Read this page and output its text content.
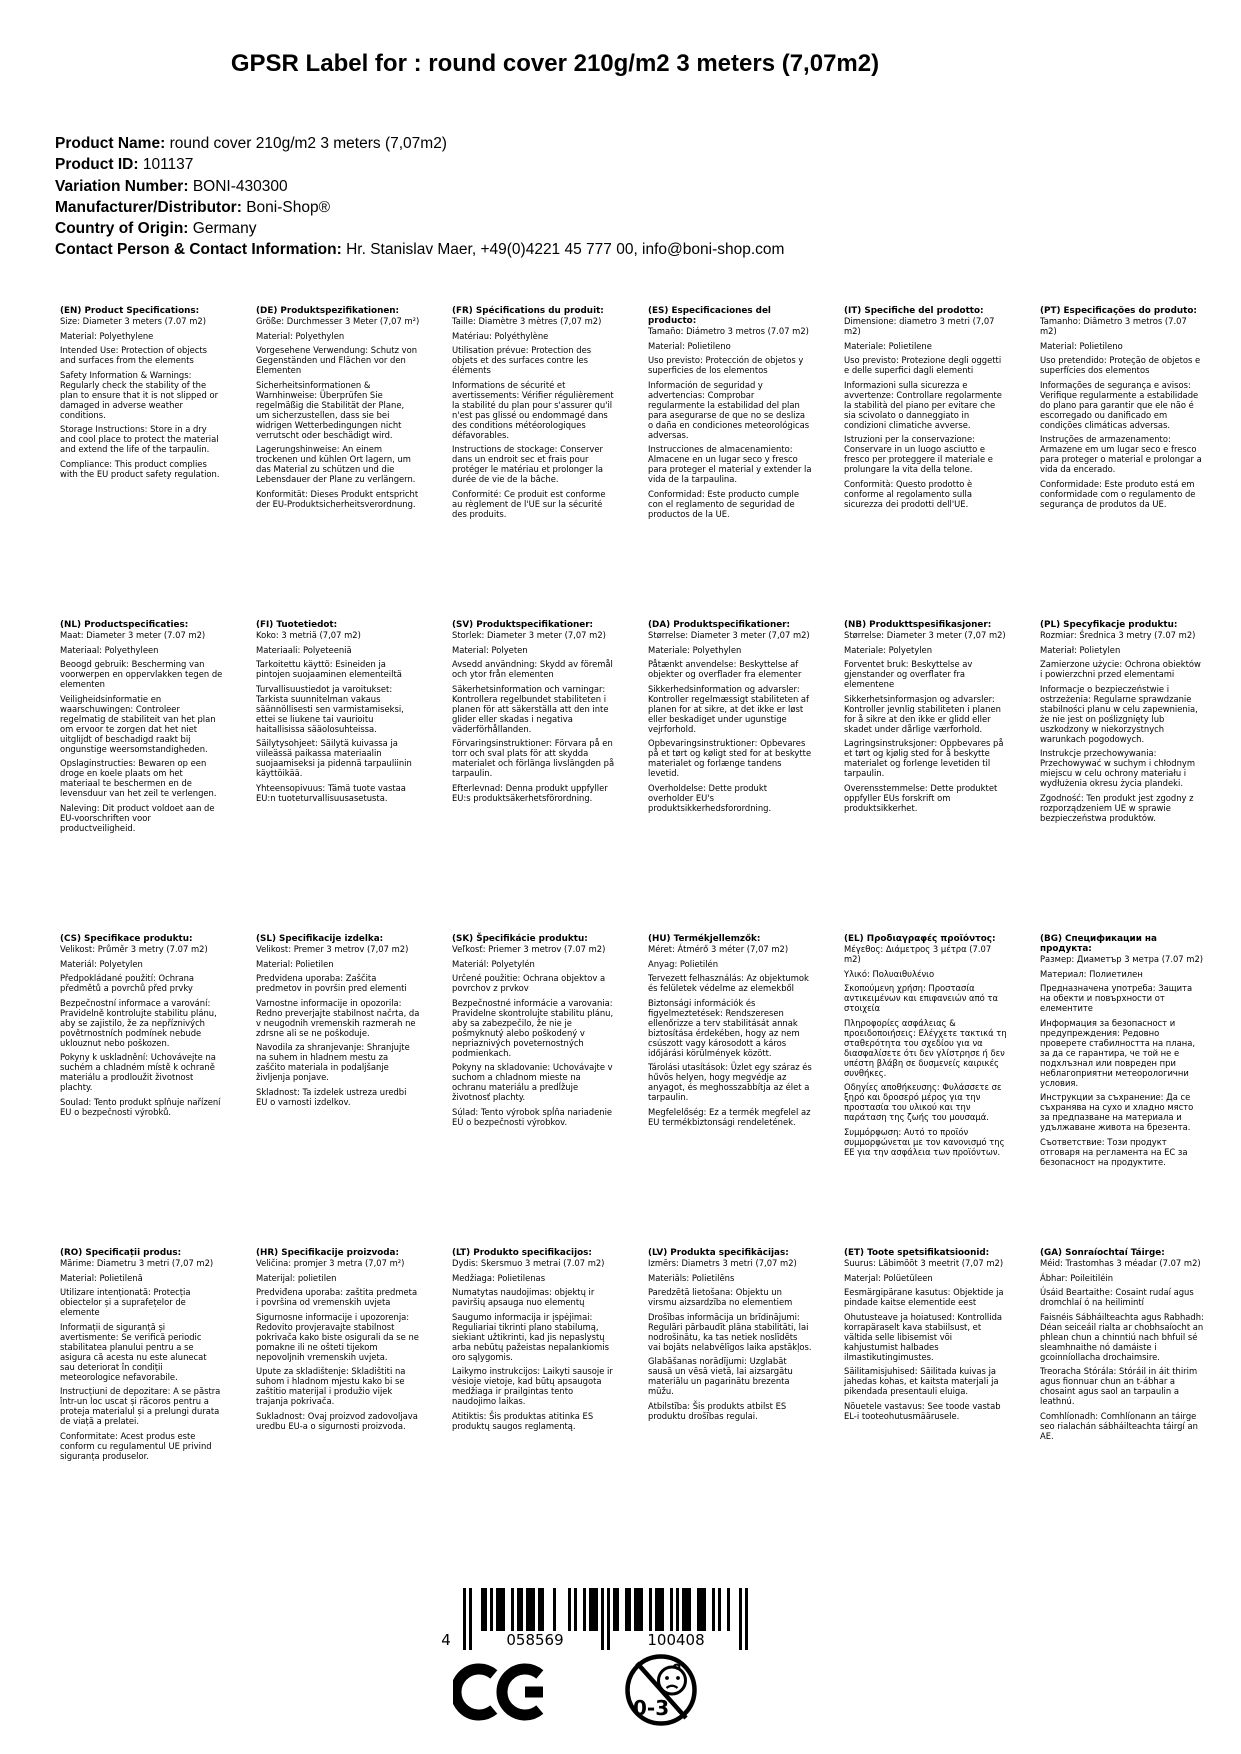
GPSR Label for : round cover 210g/m2 3 meters (7,07m2)
Product Name: round cover 210g/m2 3 meters (7,07m2)
Product ID: 101137
Variation Number: BONI-430300
Manufacturer/Distributor: Boni-Shop®
Country of Origin: Germany
Contact Person & Contact Information: Hr. Stanislav Maer, +49(0)4221 45 777 00, info@boni-shop.com
(EN) Product Specifications:
Size: Diameter 3 meters (7.07 m2)
Material: Polyethylene
Intended Use: Protection of objects and surfaces from the elements
Safety Information & Warnings: Regularly check the stability of the plan to ensure that it is not slipped or damaged in adverse weather conditions.
Storage Instructions: Store in a dry and cool place to protect the material and extend the life of the tarpaulin.
Compliance: This product complies with the EU product safety regulation.
(DE) Produktspezifikationen:
Größe: Durchmesser 3 Meter (7,07 m²)
Material: Polyethylen
Vorgesehene Verwendung: Schutz von Gegenständen und Flächen vor den Elementen
Sicherheitsinformationen & Warnhinweise: Überprüfen Sie regelmäßig die Stabilität der Plane, um sicherzustellen, dass sie bei widrigen Wetterbedingungen nicht verrutscht oder beschädigt wird.
Lagerungshinweise: An einem trockenen und kühlen Ort lagern, um das Material zu schützen und die Lebensdauer der Plane zu verlängern.
Konformität: Dieses Produkt entspricht der EU-Produktsicherheitsverordnung.
(FR) Spécifications du produit:
Taille: Diamètre 3 mètres (7,07 m2)
Matériau: Polyéthylène
Utilisation prévue: Protection des objets et des surfaces contre les éléments
Informations de sécurité et avertissements: Vérifier régulièrement la stabilité du plan pour s'assurer qu'il n'est pas glissé ou endommagé dans des conditions météorologiques défavorables.
Instructions de stockage: Conserver dans un endroit sec et frais pour protéger le matériau et prolonger la durée de vie de la bâche.
Conformité: Ce produit est conforme au règlement de l'UE sur la sécurité des produits.
(ES) Especificaciones del producto:
Tamaño: Diámetro 3 metros (7.07 m2)
Material: Polietileno
Uso previsto: Protección de objetos y superficies de los elementos
Información de seguridad y advertencias: Comprobar regularmente la estabilidad del plan para asegurarse de que no se desliza o daña en condiciones meteorológicas adversas.
Instrucciones de almacenamiento: Almacene en un lugar seco y fresco para proteger el material y extender la vida de la tarpaulina.
Conformidad: Este producto cumple con el reglamento de seguridad de productos de la UE.
(IT) Specifiche del prodotto:
Dimensione: diametro 3 metri (7,07 m2)
Materiale: Polietilene
Uso previsto: Protezione degli oggetti e delle superfici dagli elementi
Informazioni sulla sicurezza e avvertenze: Controllare regolarmente la stabilità del piano per evitare che sia scivolato o danneggiato in condizioni climatiche avverse.
Istruzioni per la conservazione: Conservare in un luogo asciutto e fresco per proteggere il materiale e prolungare la vita della telone.
Conformità: Questo prodotto è conforme al regolamento sulla sicurezza dei prodotti dell'UE.
(PT) Especificações do produto:
Tamanho: Diâmetro 3 metros (7.07 m2)
Material: Polietileno
Uso pretendido: Proteção de objetos e superfícies dos elementos
Informações de segurança e avisos: Verifique regularmente a estabilidade do plano para garantir que ele não é escorregado ou danificado em condições climáticas adversas.
Instruções de armazenamento: Armazene em um lugar seco e fresco para proteger o material e prolongar a vida da encerado.
Conformidade: Este produto está em conformidade com o regulamento de segurança de produtos da UE.
(NL) Productspecificaties:
Maat: Diameter 3 meter (7.07 m2)
Materiaal: Polyethyleen
Beoogd gebruik: Bescherming van voorwerpen en oppervlakken tegen de elementen
Veiligheidsinformatie en waarschuwingen: Controleer regelmatig de stabiliteit van het plan om ervoor te zorgen dat het niet uitglijdt of beschadigd raakt bij ongunstige weersomstandigheden.
Opslaginstructies: Bewaren op een droge en koele plaats om het materiaal te beschermen en de levensduur van het zeil te verlengen.
Naleving: Dit product voldoet aan de EU-voorschriften voor productveiligheid.
(FI) Tuotetiedot:
Koko: 3 metriä (7,07 m2)
Materiaali: Polyeteeniä
Tarkoitettu käyttö: Esineiden ja pintojen suojaaminen elementeiltä
Turvallisuustiedot ja varoitukset: Tarkista suunnitelman vakaus säännöllisesti sen varmistamiseksi, ettei se liukene tai vaurioitu haitallisissa sääolosuhteissa.
Säilytysohjeet: Säilytä kuivassa ja viileässä paikassa materiaalin suojaamiseksi ja pidennä tarpauliinin käyttöikää.
Yhteensopivuus: Tämä tuote vastaa EU:n tuoteturvallisuusasetusta.
(SV) Produktspecifikationer:
Storlek: Diameter 3 meter (7,07 m2)
Material: Polyeten
Avsedd användning: Skydd av föremål och ytor från elementen
Säkerhetsinformation och varningar: Kontrollera regelbundet stabiliteten i planen för att säkerställa att den inte glider eller skadas i negativa väderförhållanden.
Förvaringsinstruktioner: Förvara på en torr och sval plats för att skydda materialet och förlänga livslängden på tarpaulin.
Efterlevnad: Denna produkt uppfyller EU:s produktsäkerhetsförordning.
(DA) Produktspecifikationer:
Størrelse: Diameter 3 meter (7,07 m2)
Materiale: Polyethylen
Påtænkt anvendelse: Beskyttelse af objekter og overflader fra elementer
Sikkerhedsinformation og advarsler: Kontroller regelmæssigt stabiliteten af planen for at sikre, at det ikke er løst eller beskadiget under ugunstige vejrforhold.
Opbevaringsinstruktioner: Opbevares på et tørt og køligt sted for at beskytte materialet og forlænge tandens levetid.
Overholdelse: Dette produkt overholder EU's produktsikkerhedsforordning.
(NB) Produkttspesifikasjoner:
Størrelse: Diameter 3 meter (7,07 m2)
Materiale: Polyetylen
Forventet bruk: Beskyttelse av gjenstander og overflater fra elementene
Sikkerhetsinformasjon og advarsler: Kontroller jevnlig stabiliteten i planen for å sikre at den ikke er glidd eller skadet under dårlige værforhold.
Lagringsinstruksjoner: Oppbevares på et tørt og kjølig sted for å beskytte materialet og forlenge levetiden til tarpaulin.
Overensstemmelse: Dette produktet oppfyller EUs forskrift om produktsikkerhet.
(PL) Specyfikacje produktu:
Rozmiar: Średnica 3 metry (7.07 m2)
Materiał: Polietylen
Zamierzone użycie: Ochrona obiektów i powierzchni przed elementami
Informacje o bezpieczeństwie i ostrzeżenia: Regularne sprawdzanie stabilności planu w celu zapewnienia, że nie jest on poślizgnięty lub uszkodzony w niekorzystnych warunkach pogodowych.
Instrukcje przechowywania: Przechowywać w suchym i chłodnym miejscu w celu ochrony materiału i wydłużenia okresu życia plandeki.
Zgodność: Ten produkt jest zgodny z rozporządzeniem UE w sprawie bezpieczeństwa produktów.
(CS) Specifikace produktu:
Velikost: Průměr 3 metry (7.07 m2)
Materiál: Polyetylen
Předpokládané použití: Ochrana předmětů a povrchů před prvky
Bezpečnostní informace a varování: Pravidelně kontrolujte stabilitu plánu, aby se zajistilo, že za nepříznivých povětrnostních podmínek nebude uklouznut nebo poškozen.
Pokyny k uskladnění: Uchovávejte na suchém a chladném místě k ochraně materiálu a prodloužit životnost plachty.
Soulad: Tento produkt splňuje nařízení EU o bezpečnosti výrobků.
(SL) Specifikacije izdelka:
Velikost: Premer 3 metrov (7,07 m2)
Material: Polietilen
Predvidena uporaba: Zaščita predmetov in površin pred elementi
Varnostne informacije in opozorila: Redno preverjajte stabilnost načrta, da v neugodnih vremenskih razmerah ne zdrsne ali se ne poškoduje.
Navodila za shranjevanje: Shranjujte na suhem in hladnem mestu za zaščito materiala in podaljšanje življenja ponjave.
Skladnost: Ta izdelek ustreza uredbi EU o varnosti izdelkov.
(SK) Špecifikácie produktu:
Veľkosť: Priemer 3 metrov (7.07 m2)
Materiál: Polyetylén
Určené použitie: Ochrana objektov a povrchov z prvkov
Bezpečnostné informácie a varovania: Pravidelne skontrolujte stabilitu plánu, aby sa zabezpečilo, že nie je pošmyknutý alebo poškodený v nepriaznivých poveternostných podmienkach.
Pokyny na skladovanie: Uchovávajte v suchom a chladnom mieste na ochranu materiálu a predĺžuje životnosť plachty.
Súlad: Tento výrobok spĺňa nariadenie EÚ o bezpečnosti výrobkov.
(HU) Termékjellemzők:
Méret: Átmérő 3 méter (7,07 m2)
Anyag: Polietilén
Tervezett felhasználás: Az objektumok és felületek védelme az elemekből
Biztonsági információk és figyelmeztetések: Rendszeresen ellenőrizze a terv stabilitását annak biztosítása érdekében, hogy az nem csúszott vagy károsodott a káros időjárási körülmények között.
Tárolási utasítások: Üzlet egy száraz és hűvös helyen, hogy megvédje az anyagot, és meghosszabbítja az élet a tarpaulin.
Megfelelőség: Ez a termék megfelel az EU termékbiztonsági rendeletének.
(EL) Προδιαγραφές προϊόντος:
Μέγεθος: Διάμετρος 3 μέτρα (7.07 m2)
Υλικό: Πολυαιθυλένιο
Σκοπούμενη χρήση: Προστασία αντικειμένων και επιφανειών από τα στοιχεία
Πληροφορίες ασφάλειας & προειδοποιήσεις: Ελέγχετε τακτικά τη σταθερότητα του σχεδίου για να διασφαλίσετε ότι δεν γλίστρησε ή δεν υπέστη βλάβη σε δυσμενείς καιρικές συνθήκες.
Οδηγίες αποθήκευσης: Φυλάσσετε σε ξηρό και δροσερό μέρος για την προστασία του υλικού και την παράταση της ζωής του μουσαμά.
Συμμόρφωση: Αυτό το προϊόν συμμορφώνεται με τον κανονισμό της ΕΕ για την ασφάλεια των προϊόντων.
(BG) Спецификации на продукта:
Размер: Диаметър 3 метра (7.07 m2)
Материал: Полиетилен
Предназначена употреба: Защита на обекти и повърхности от елементите
Информация за безопасност и предупреждения: Редовно проверете стабилността на плана, за да се гарантира, че той не е подхлъзнал или повреден при неблагоприятни метеорологични условия.
Инструкции за съхранение: Да се съхранява на сухо и хладно място за предпазване на материала и удължаване живота на брезента.
Съответствие: Този продукт отговаря на регламента на ЕС за безопасност на продуктите.
(RO) Specificații produs:
Mărime: Diametru 3 metri (7,07 m2)
Material: Polietilenă
Utilizare intenționată: Protecția obiectelor și a suprafețelor de elemente
Informații de siguranță și avertismente: Se verifică periodic stabilitatea planului pentru a se asigura că acesta nu este alunecat sau deteriorat în condiții meteorologice nefavorabile.
Instrucțiuni de depozitare: A se păstra într-un loc uscat și răcoros pentru a proteja materialul și a prelungi durata de viață a prelatei.
Conformitate: Acest produs este conform cu regulamentul UE privind siguranța produselor.
(HR) Specifikacije proizvoda:
Veličina: promjer 3 metra (7,07 m²)
Materijal: polietilen
Predviđena uporaba: zaštita predmeta i površina od vremenskih uvjeta
Sigurnosne informacije i upozorenja: Redovito provjeravajte stabilnost pokrivača kako biste osigurali da se ne pomakne ili ne ošteti tijekom nepovoljnih vremenskih uvjeta.
Upute za skladištenje: Skladištiti na suhom i hladnom mjestu kako bi se zaštitio materijal i produžio vijek trajanja pokrivača.
Sukladnost: Ovaj proizvod zadovoljava uredbu EU-a o sigurnosti proizvoda.
(LT) Produkto specifikacijos:
Dydis: Skersmuo 3 metrai (7.07 m2)
Medžiaga: Polietilenas
Numatytas naudojimas: objektų ir paviršių apsauga nuo elementų
Saugumo informacija ir įspėjimai: Reguliariai tikrinti plano stabilumą, siekiant užtikrinti, kad jis nepaslystų arba nebūtų pažeistas nepalankiomis oro sąlygomis.
Laikymo instrukcijos: Laikyti sausoje ir vėsioje vietoje, kad būtų apsaugota medžiaga ir prailgintas tento naudojimo laikas.
Atitiktis: Šis produktas atitinka ES produktų saugos reglamentą.
(LV) Produkta specifikācijas:
Izmērs: Diametrs 3 metri (7,07 m2)
Materiāls: Polietilēns
Paredzētā lietošana: Objektu un virsmu aizsardzība no elementiem
Drošības informācija un brīdinājumi: Regulāri pārbaudīt plāna stabilitāti, lai nodrošinātu, ka tas netiek noslīdēts vai bojāts nelabvēlīgos laika apstākļos.
Glabāšanas norādījumi: Uzglabāt sausā un vēsā vietā, lai aizsargātu materiālu un pagarinātu brezenta mūžu.
Atbilstība: Šis produkts atbilst ES produktu drošības regulai.
(ET) Toote spetsifikatsioonid:
Suurus: Läbimõõt 3 meetrit (7,07 m2)
Materjal: Polüetüleen
Eesmärgipärane kasutus: Objektide ja pindade kaitse elementide eest
Ohutusteave ja hoiatused: Kontrollida korrapäraselt kava stabiilsust, et vältida selle libisemist või kahjustumist halbades ilmastikutingimustes.
Säilitamisjuhised: Säilitada kuivas ja jahedas kohas, et kaitsta materjali ja pikendada presentauli eluiga.
Nõuetele vastavus: See toode vastab EL-i tooteohutusmäärusele.
(GA) Sonraíochtaí Táirge:
Méid: Trastomhas 3 méadar (7.07 m2)
Ábhar: Poileitiléin
Úsáid Beartaithe: Cosaint rudaí agus dromchlaí ó na heilimintí
Faisnéis Sábháilteachta agus Rabhadh: Déan seiceáil rialta ar chobhsaíocht an phlean chun a chinntiú nach bhfuil sé sleamhnaithe nó damáiste i gcoinníollacha drochaimsire.
Treoracha Stórála: Stóráil in áit thirim agus fionnuar chun an t-ábhar a chosaint agus saol an tarpaulin a leathnú.
Comhlíonadh: Comhlíonann an táirge seo rialachán sábháilteachta táirgí an AE.
4	058569	100408
0-3
